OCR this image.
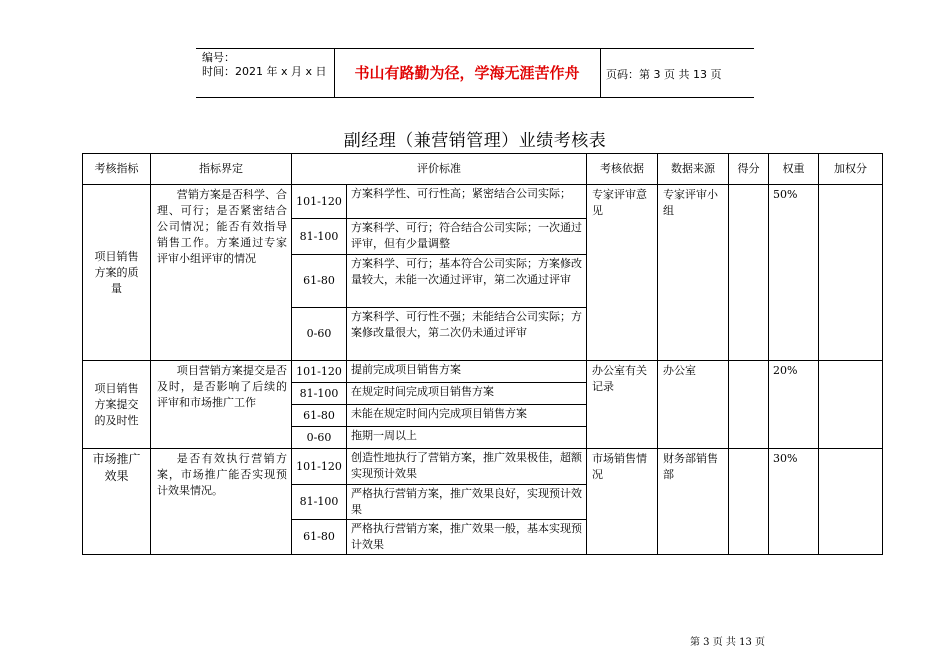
编号：
时间：2021 年 x 月 x 日	书山有路勤为径，学海无涯苦作舟	页码：第 3 页 共 13 页
副经理（兼营销管理）业绩考核表
考核指标	指标界定	评价标准		考核依据	数据来源	得分	权重	加权分
项目销售方案的质量	营销方案是否科学、合理、可行；是否紧密结合公司情况；能否有效指导销售工作。方案通过专家评审小组评审的情况	101-120	方案科学性、可行性高；紧密结合公司实际；	专家评审意见	专家评审小组		50%	
		81-100	方案科学、可行；符合结合公司实际；一次通过评审，但有少量调整					
		61-80	方案科学、可行；基本符合公司实际；方案修改量较大，未能一次通过评审，第二次通过评审					
		0-60	方案科学、可行性不强；未能结合公司实际；方案修改量很大，第二次仍未通过评审					
项目销售方案提交的及时性	项目营销方案提交是否及时，是否影响了后续的评审和市场推广工作	101-120	提前完成项目销售方案	办公室有关记录	办公室		20%	
		81-100	在规定时间完成项目销售方案					
		61-80	未能在规定时间内完成项目销售方案					
		0-60	拖期一周以上					
市场推广效果	是否有效执行营销方案，市场推广能否实现预计效果情况。	101-120	创造性地执行了营销方案，推广效果极佳，超额实现预计效果	市场销售情况	财务部销售部		30%	
		81-100	严格执行营销方案，推广效果良好，实现预计效果					
		61-80	严格执行营销方案，推广效果一般，基本实现预计效果					
第 3 页 共 13 页
